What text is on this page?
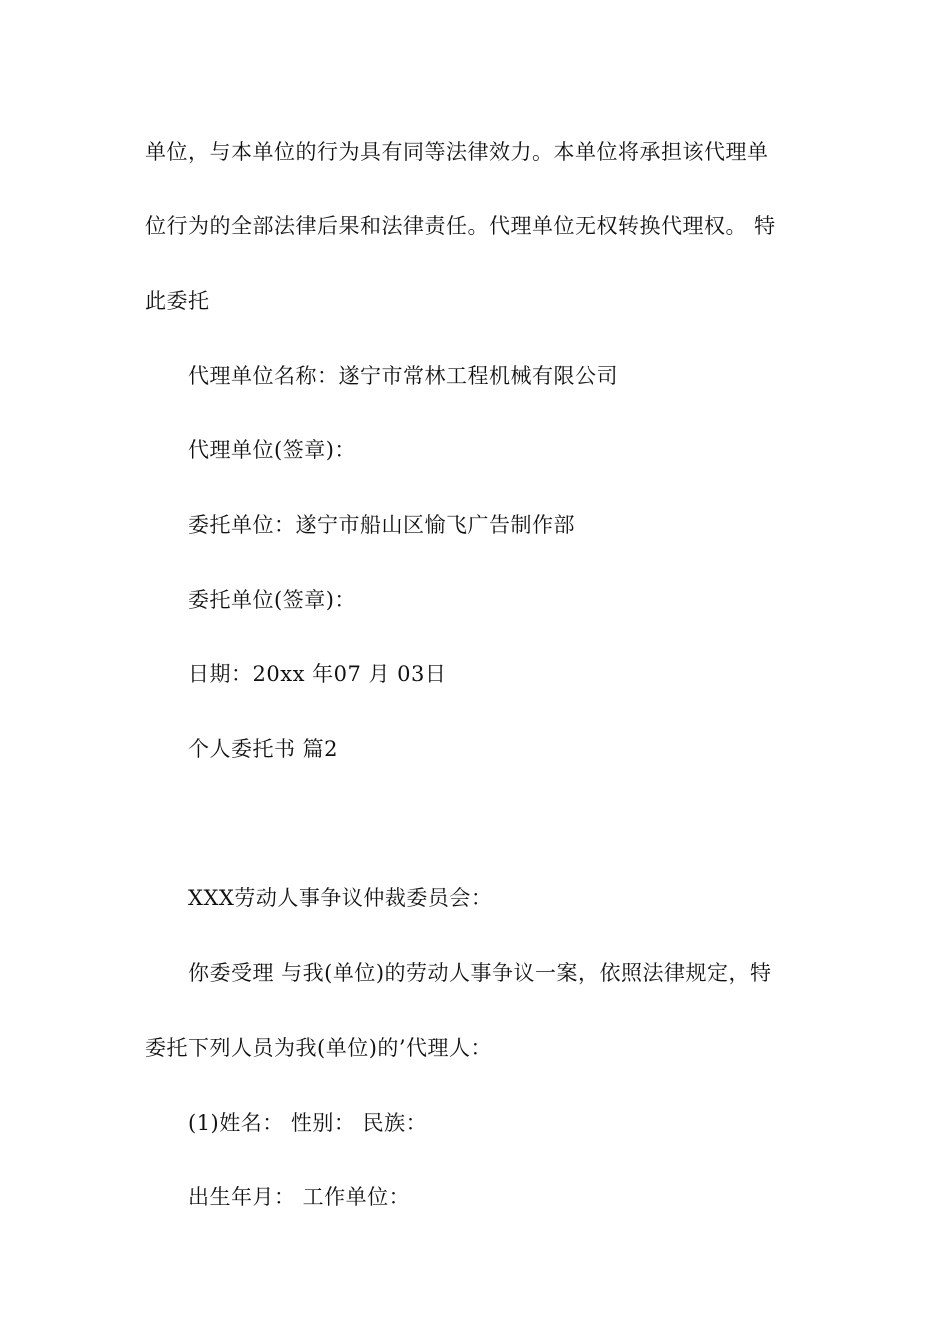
单位，与本单位的行为具有同等法律效力。本单位将承担该代理单
位行为的全部法律后果和法律责任。代理单位无权转换代理权。 特
此委托
代理单位名称：遂宁市常林工程机械有限公司
代理单位(签章)：
委托单位：遂宁市船山区愉飞广告制作部
委托单位(签章)：
日期：20xx 年07 月 03日
个人委托书 篇2
XXX劳动人事争议仲裁委员会：
你委受理 与我(单位)的劳动人事争议一案，依照法律规定，特
委托下列人员为我(单位)的’代理人：
(1)姓名： 性别： 民族：
出生年月： 工作单位：
